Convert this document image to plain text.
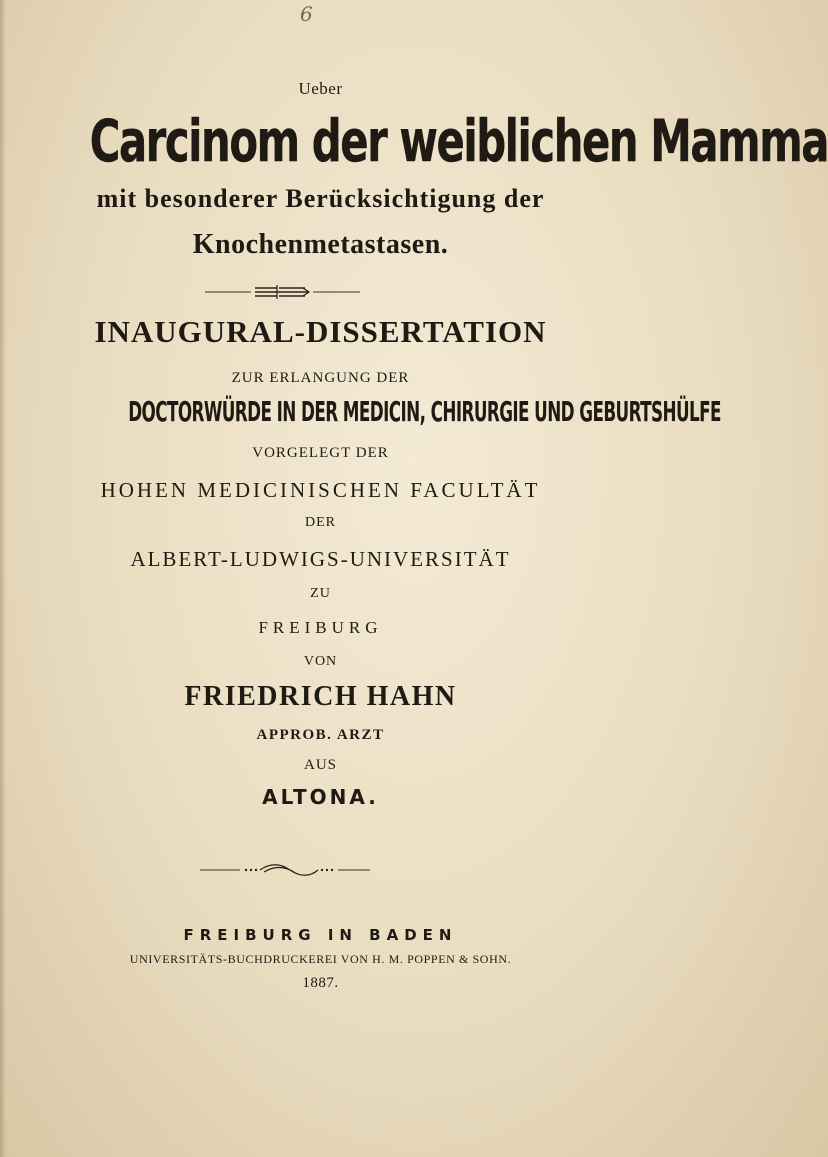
6

Ueber

Carcinom der weiblichen Mamma

mit besonderer Berücksichtigung der

Knochenmetastasen.

INAUGURAL-DISSERTATION

ZUR ERLANGUNG DER

DOCTORWÜRDE IN DER MEDICIN, CHIRURGIE UND GEBURTSHÜLFE

VORGELEGT DER

HOHEN MEDICINISCHEN FACULTÄT

DER

ALBERT-LUDWIGS-UNIVERSITÄT

ZU

FREIBURG

VON

FRIEDRICH HAHN

APPROB. ARZT

AUS

ALTONA.

FREIBURG IN BADEN

UNIVERSITÄTS-BUCHDRUCKEREI VON H. M. POPPEN & SOHN.

1887.
